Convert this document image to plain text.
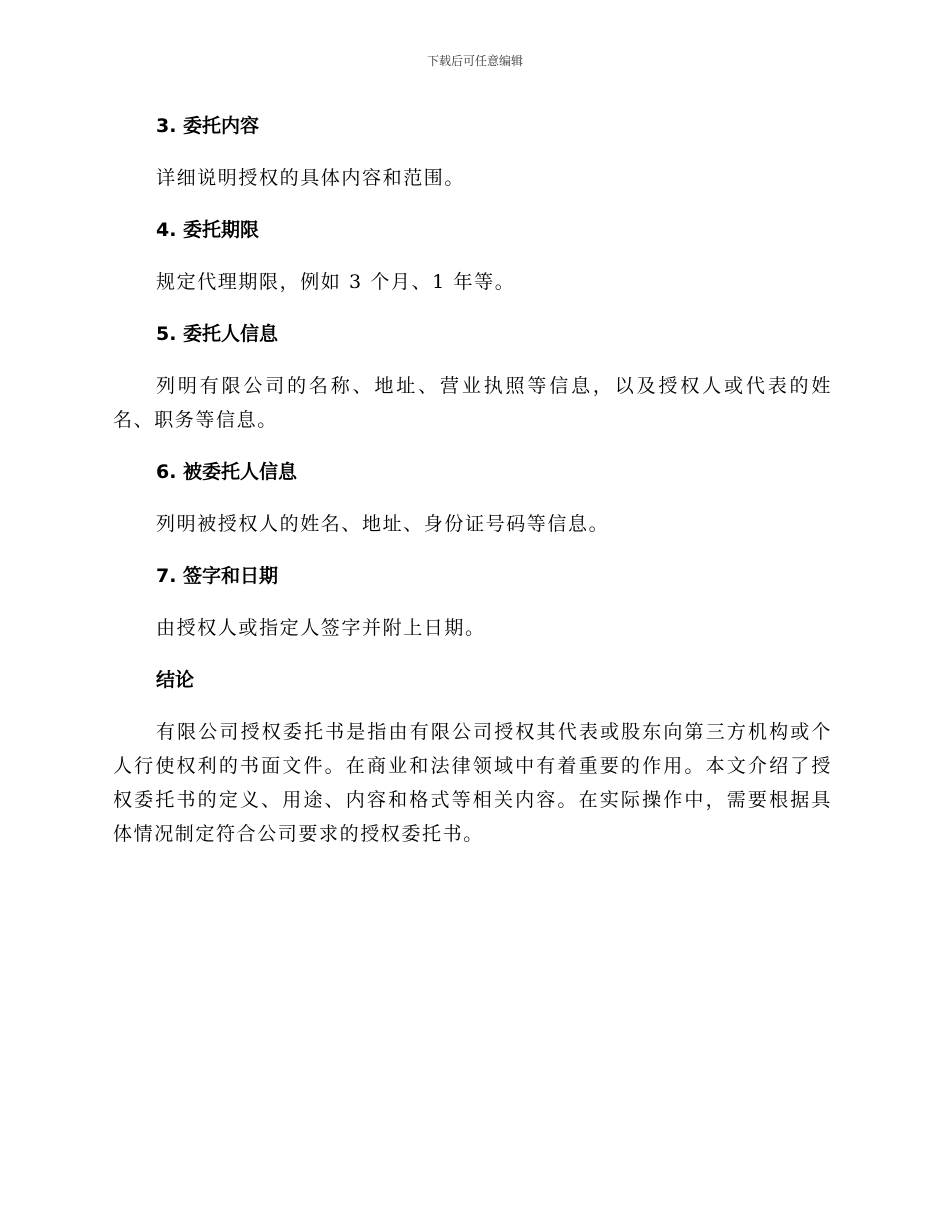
下载后可任意编辑
3. 委托内容

详细说明授权的具体内容和范围。

4. 委托期限

规定代理期限，例如 3 个月、1 年等。

5. 委托人信息

列明有限公司的名称、地址、营业执照等信息，以及授权人或代表的姓名、职务等信息。

6. 被委托人信息

列明被授权人的姓名、地址、身份证号码等信息。

7. 签字和日期

由授权人或指定人签字并附上日期。

结论

有限公司授权委托书是指由有限公司授权其代表或股东向第三方机构或个人行使权利的书面文件。在商业和法律领域中有着重要的作用。本文介绍了授权委托书的定义、用途、内容和格式等相关内容。在实际操作中，需要根据具体情况制定符合公司要求的授权委托书。
